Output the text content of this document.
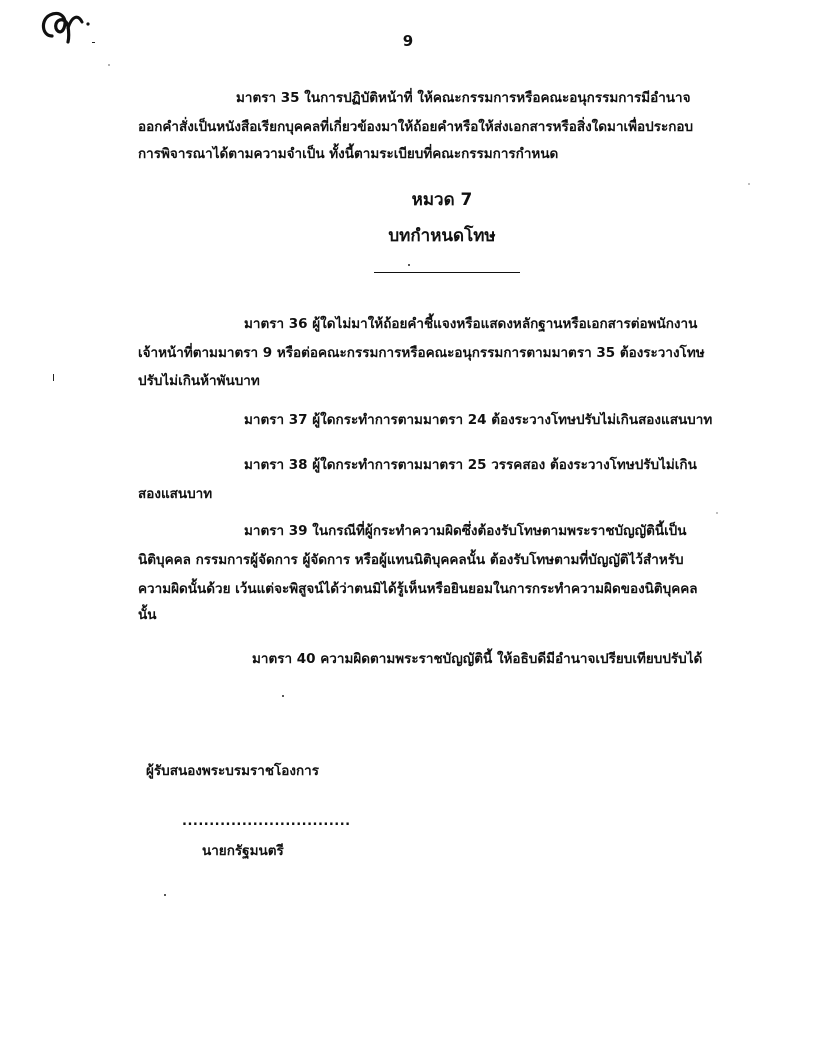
9
มาตรา 35 ในการปฏิบัติหน้าที่ ให้คณะกรรมการหรือคณะอนุกรรมการมีอำนาจ
ออกคำสั่งเป็นหนังสือเรียกบุคคลที่เกี่ยวข้องมาให้ถ้อยคำหรือให้ส่งเอกสารหรือสิ่งใดมาเพื่อประกอบ
การพิจารณาได้ตามความจำเป็น ทั้งนี้ตามระเบียบที่คณะกรรมการกำหนด
หมวด 7
บทกำหนดโทษ
มาตรา 36 ผู้ใดไม่มาให้ถ้อยคำชี้แจงหรือแสดงหลักฐานหรือเอกสารต่อพนักงาน
เจ้าหน้าที่ตามมาตรา 9 หรือต่อคณะกรรมการหรือคณะอนุกรรมการตามมาตรา 35 ต้องระวางโทษ
ปรับไม่เกินห้าพันบาท
มาตรา 37 ผู้ใดกระทำการตามมาตรา 24 ต้องระวางโทษปรับไม่เกินสองแสนบาท
มาตรา 38 ผู้ใดกระทำการตามมาตรา 25 วรรคสอง ต้องระวางโทษปรับไม่เกิน
สองแสนบาท
มาตรา 39 ในกรณีที่ผู้กระทำความผิดซึ่งต้องรับโทษตามพระราชบัญญัตินี้เป็น
นิติบุคคล กรรมการผู้จัดการ ผู้จัดการ หรือผู้แทนนิติบุคคลนั้น ต้องรับโทษตามที่บัญญัติไว้สำหรับ
ความผิดนั้นด้วย เว้นแต่จะพิสูจน์ได้ว่าตนมิได้รู้เห็นหรือยินยอมในการกระทำความผิดของนิติบุคคล
นั้น
มาตรา 40 ความผิดตามพระราชบัญญัตินี้ ให้อธิบดีมีอำนาจเปรียบเทียบปรับได้
ผู้รับสนองพระบรมราชโองการ
...............................
นายกรัฐมนตรี
